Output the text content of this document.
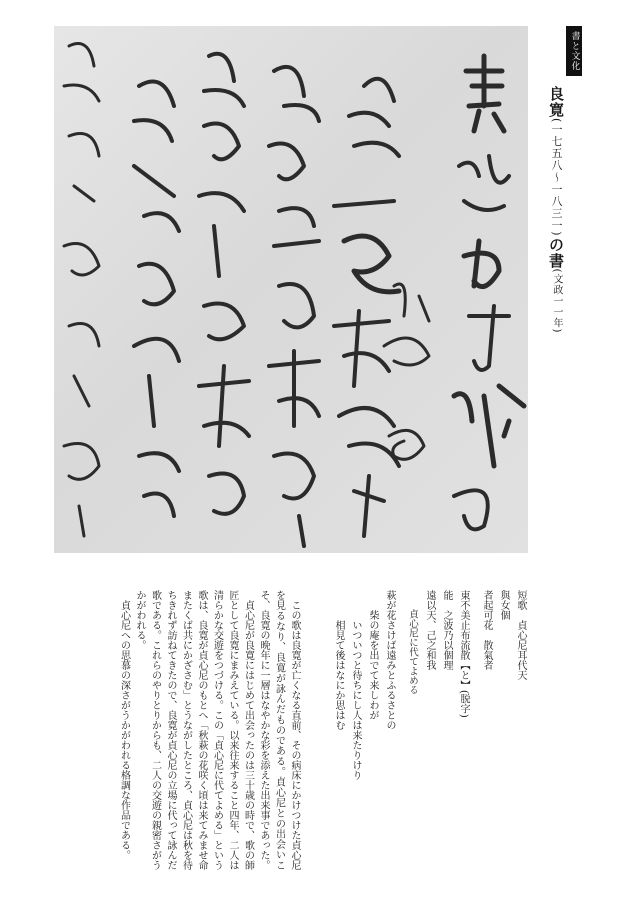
書と文化
良寛(一七五八〜一八三一)の書(文政一一年)
短歌　貞心尼耳代天
與女個
者起可花　散氣者
東不美止布流散【と】(脱字)
能　之波乃以個理
遠以天、己之和我
貞心尼に代てよめる
萩が花さけば遠みとふるさとの
柴の庵を出でて来しわが
いついつと待ちにし人は来たりけり
相見て後はなにか思はむ

この歌は良寛が亡くなる直前、その病床にかけつけた貞心尼を見るなり、良寛が詠んだものである。貞心尼との出会いこそ、良寛の晩年に一層はなやかな彩を添えた出来事であった。

貞心尼が良寛にはじめて出会ったのは三十歳の時で、歌の師匠として良寛にまみえている。以来往来すること四年、二人は清らかな交遊をつづける。この「貞心尼に代てよめる」という歌は、良寛が貞心尼のもとへ「秋萩の花咲く頃は来てみませ命またくば共にかざさむ」とうながしたところ、貞心尼は秋を待ちきれず訪ねてきたので、良寛が貞心尼の立場に代って詠んだ歌である。これらのやりとりからも、二人の交遊の親密さがうかがわれる。

貞心尼への思慕の深さがうかがわれる格調な作品である。
